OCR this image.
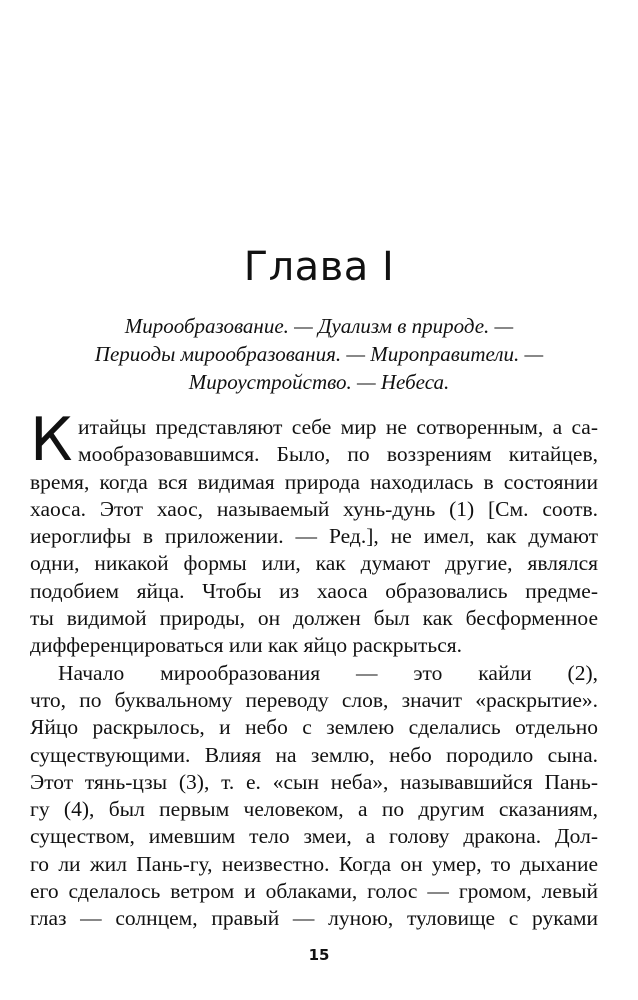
Глава I
Мирообразование. — Дуализм в природе. —
Периоды мирообразования. — Мироправители. —
Мироустройство. — Небеса.
К итайцы представляют себе мир не сотворенным, а са-
мообразовавшимся. Было, по воззрениям китайцев,
время, когда вся видимая природа находилась в состоянии
хаоса. Этот хаос, называемый хунь-дунь (1) [См. соотв.
иероглифы в приложении. — Ред.], не имел, как думают
одни, никакой формы или, как думают другие, являлся
подобием яйца. Чтобы из хаоса образовались предме-
ты видимой природы, он должен был как бесформенное
дифференцироваться или как яйцо раскрыться.
Начало мирообразования — это кайли (2),
что, по буквальному переводу слов, значит «раскрытие».
Яйцо раскрылось, и небо с землею сделались отдельно
существующими. Влияя на землю, небо породило сына.
Этот тянь-цзы (3), т. е. «сын неба», называвшийся Пань-
гу (4), был первым человеком, а по другим сказаниям,
существом, имевшим тело змеи, а голову дракона. Дол-
го ли жил Пань-гу, неизвестно. Когда он умер, то дыхание
его сделалось ветром и облаками, голос — громом, левый
глаз — солнцем, правый — луною, туловище с руками
15
